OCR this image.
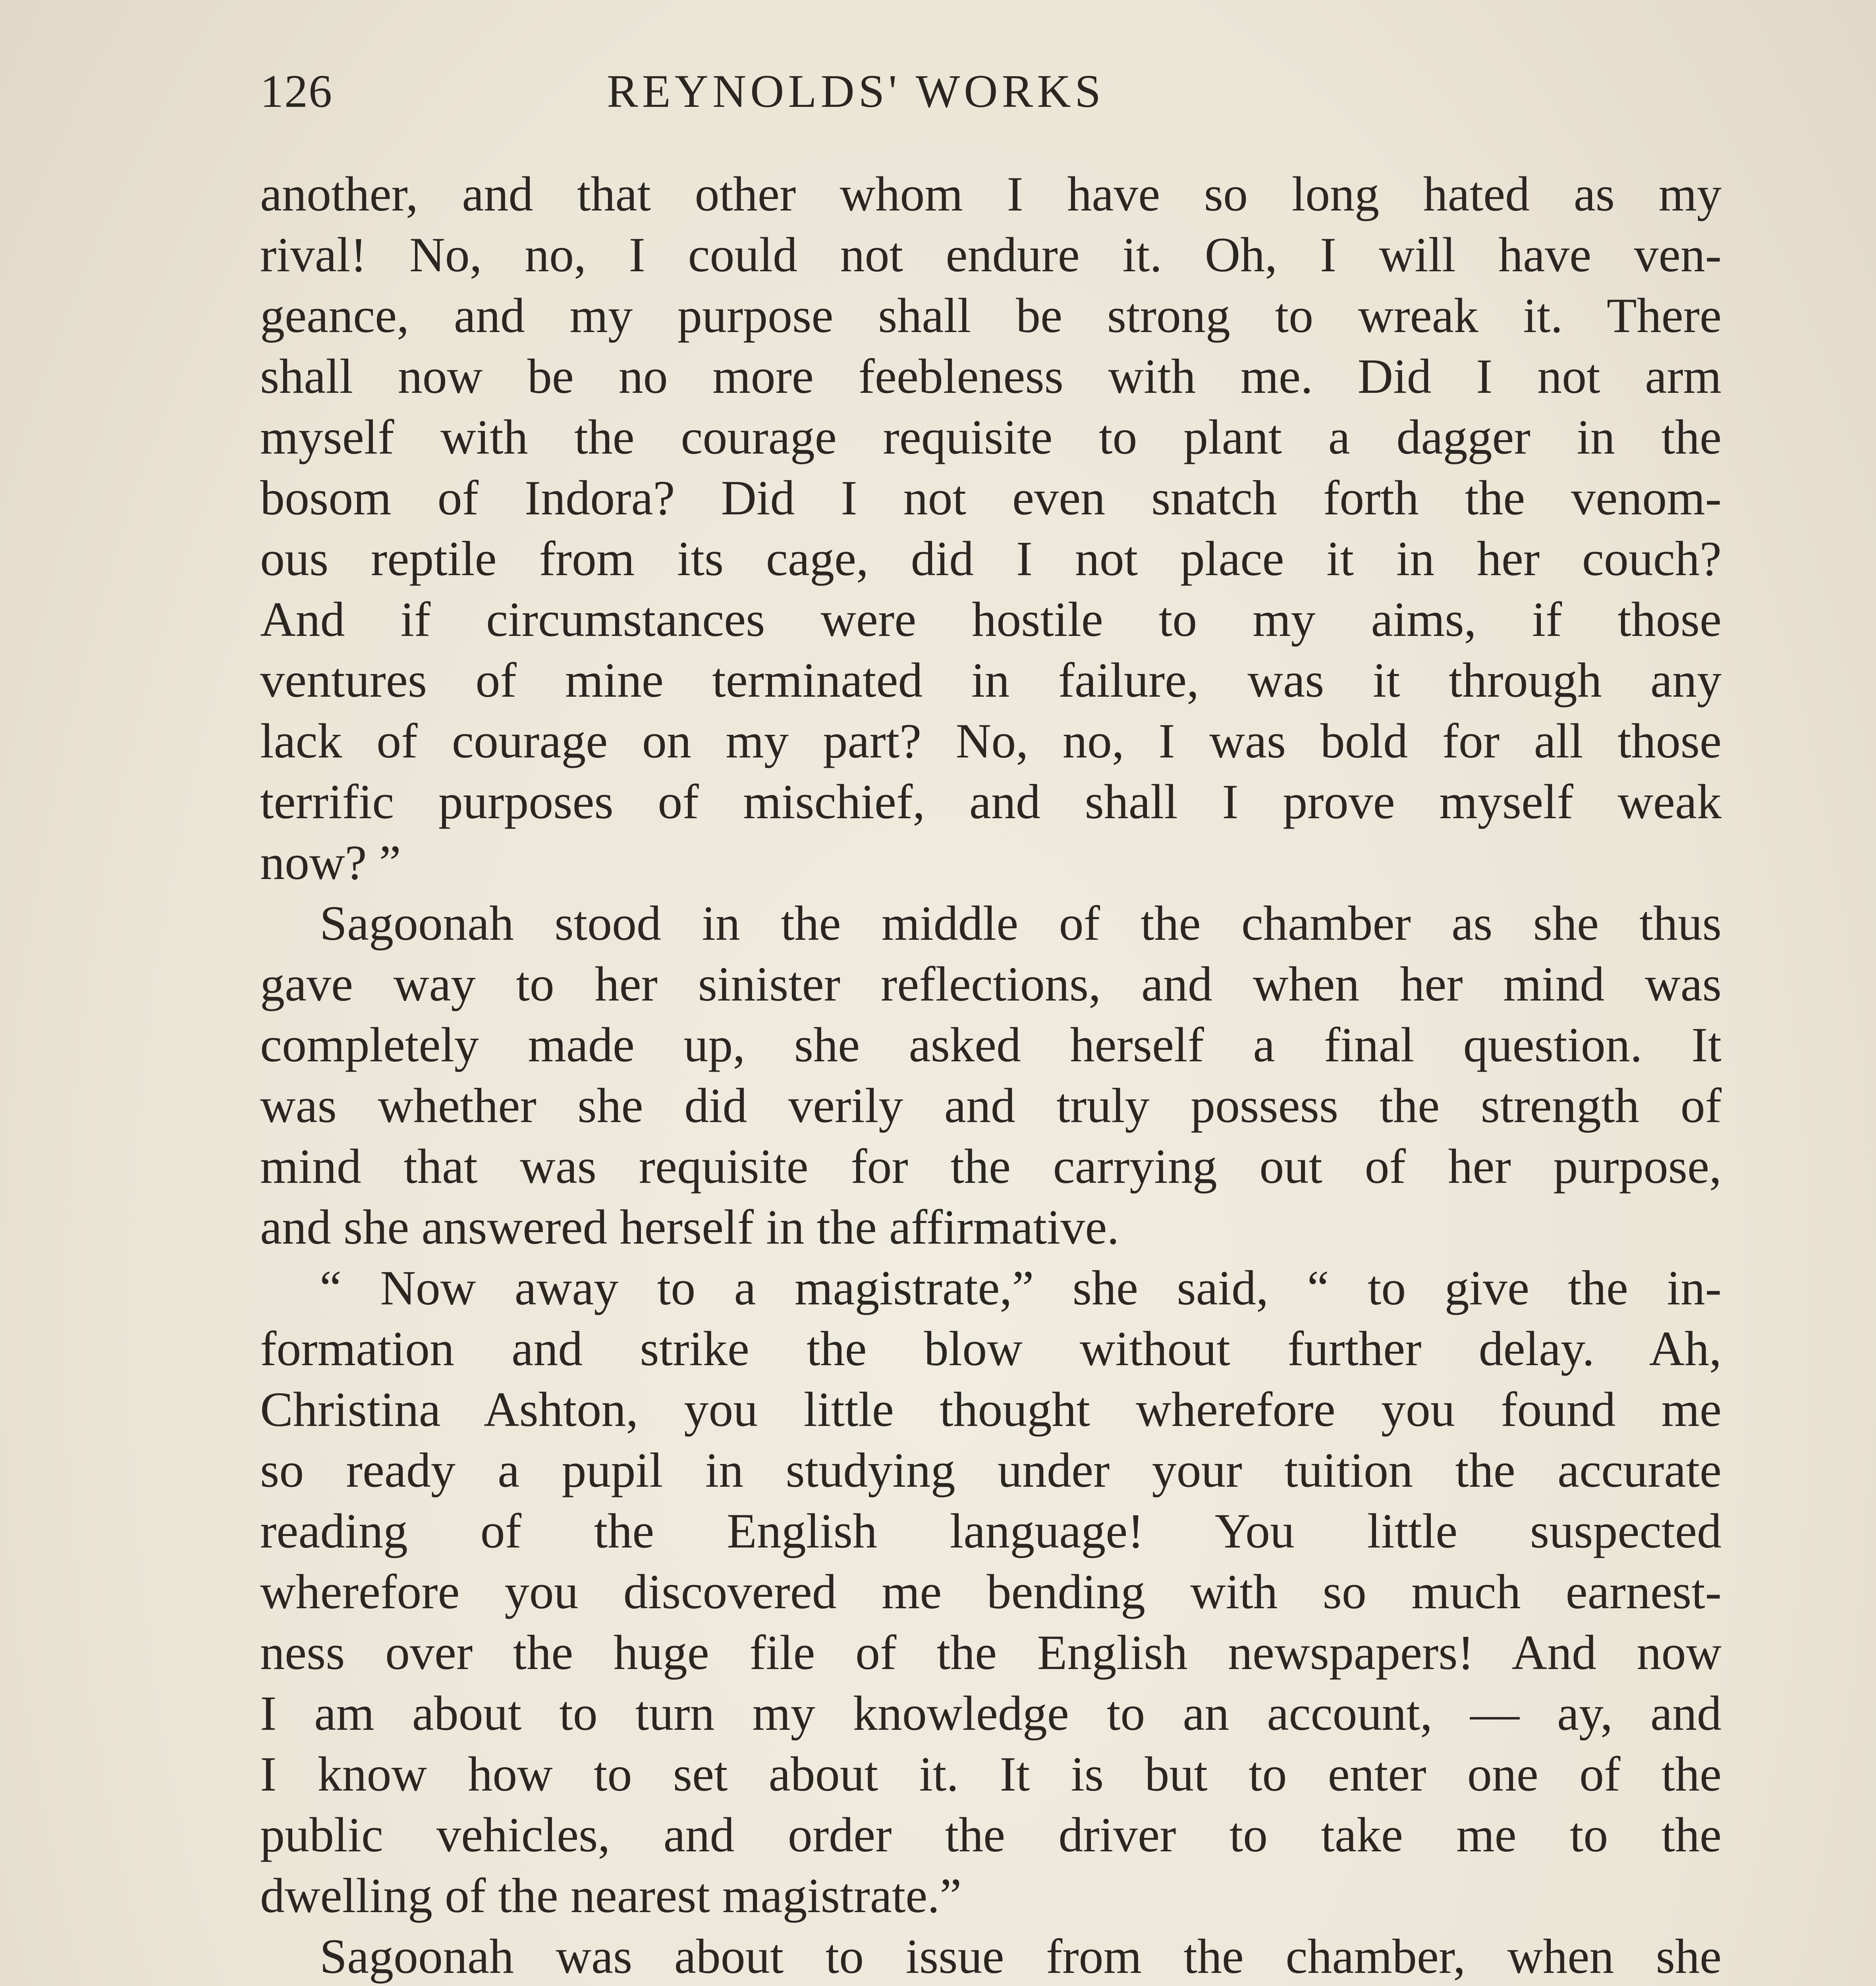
126	REYNOLDS' WORKS
another, and that other whom I have so long hated as my
rival! No, no, I could not endure it. Oh, I will have ven-
geance, and my purpose shall be strong to wreak it. There
shall now be no more feebleness with me. Did I not arm
myself with the courage requisite to plant a dagger in the
bosom of Indora? Did I not even snatch forth the venom-
ous reptile from its cage, did I not place it in her couch?
And if circumstances were hostile to my aims, if those
ventures of mine terminated in failure, was it through any
lack of courage on my part? No, no, I was bold for all those
terrific purposes of mischief, and shall I prove myself weak
now? ”
Sagoonah stood in the middle of the chamber as she thus
gave way to her sinister reflections, and when her mind was
completely made up, she asked herself a final question. It
was whether she did verily and truly possess the strength of
mind that was requisite for the carrying out of her purpose,
and she answered herself in the affirmative.
“ Now away to a magistrate,” she said, “ to give the in-
formation and strike the blow without further delay. Ah,
Christina Ashton, you little thought wherefore you found me
so ready a pupil in studying under your tuition the accurate
reading of the English language! You little suspected
wherefore you discovered me bending with so much earnest-
ness over the huge file of the English newspapers! And now
I am about to turn my knowledge to an account, — ay, and
I know how to set about it. It is but to enter one of the
public vehicles, and order the driver to take me to the
dwelling of the nearest magistrate.”
Sagoonah was about to issue from the chamber, when she
